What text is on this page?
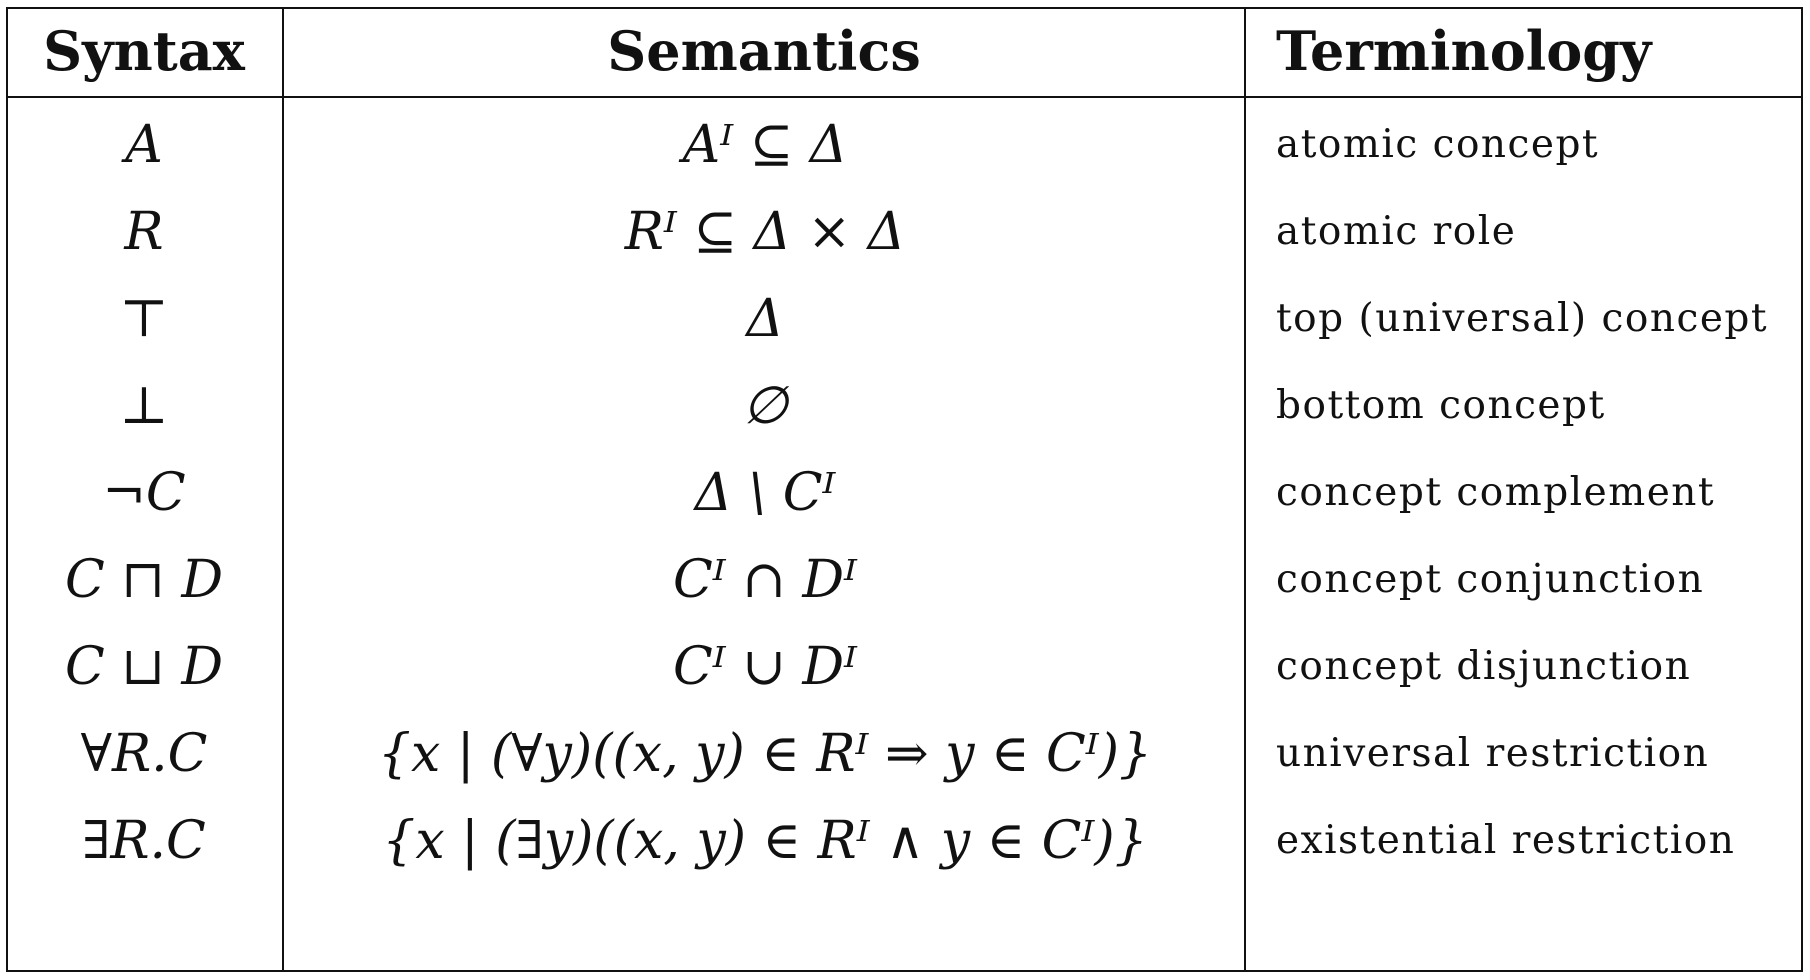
Syntax	Semantics	Terminology
A	Aᴵ ⊆ Δ	atomic concept
R	Rᴵ ⊆ Δ × Δ	atomic role
⊤	Δ	top (universal) concept
⊥	∅	bottom concept
¬C	Δ \ Cᴵ	concept complement
C ⊓ D	Cᴵ ∩ Dᴵ	concept conjunction
C ⊔ D	Cᴵ ∪ Dᴵ	concept disjunction
∀R.C	{x | (∀y)((x, y) ∈ Rᴵ ⇒ y ∈ Cᴵ)}	universal restriction
∃R.C	{x | (∃y)((x, y) ∈ Rᴵ ∧ y ∈ Cᴵ)}	existential restriction
